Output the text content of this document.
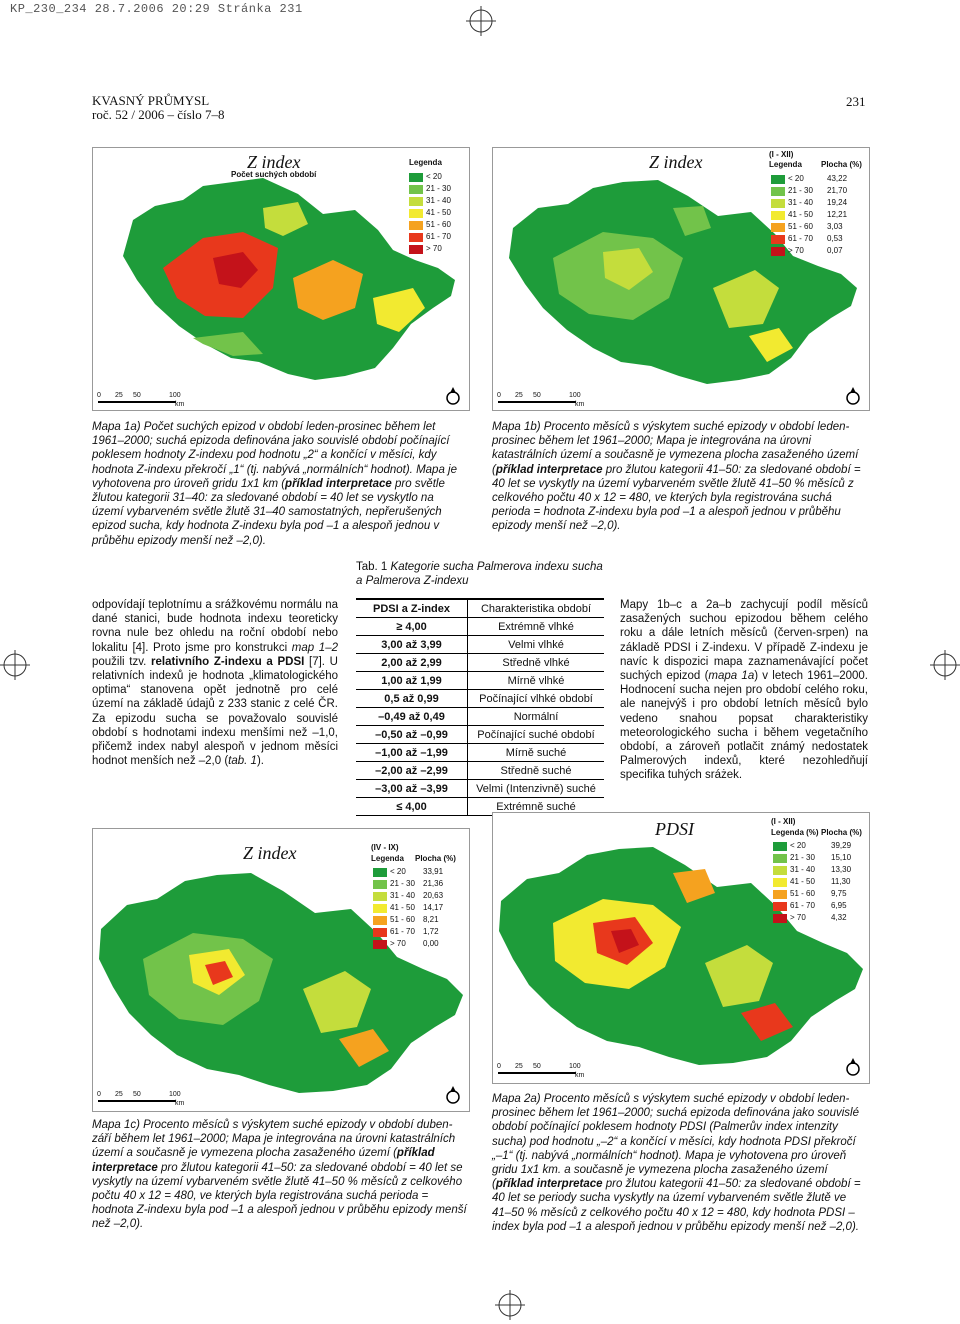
KP_230_234 28.7.2006 20:29 Stránka 231
KVASNÝ PRŮMYSL
roč. 52 / 2006 – číslo 7–8
231
Z index
Počet suchých období
Legenda
< 20
21 - 30
31 - 40
41 - 50
51 - 60
61 - 70
> 70
0 25 50	100
km
Z index	(I - XII)
Legenda Plocha (%)
< 20	43,22
21 - 30 21,70
31 - 40 19,24
41 - 50 12,21
51 - 60 3,03
61 - 70 0,53
> 70	0,07
0 25 50	100
km
Mapa 1a) Počet suchých epizod v období leden-prosinec během let 1961–2000; suchá epizoda definována jako souvislé období počínající poklesem hodnoty Z-indexu pod hodnotu „2“ a končící v měsíci, kdy hodnota Z-indexu překročí „1“ (tj. nabývá „normálních“ hodnot). Mapa je vyhotovena pro úroveň gridu 1x1 km (příklad interpretace pro světle žlutou kategorii 31–40: za sledované období = 40 let se vyskytlo na území vybarveném světle žlutě 31–40 samostatných, nepřerušených epizod sucha, kdy hodnota Z-indexu byla pod –1 a alespoň jednou v průběhu epizody menší než –2,0).
Mapa 1b) Procento měsíců s výskytem suché epizody v období leden-prosinec během let 1961–2000; Mapa je integrována na úrovni katastrálních území a současně je vymezena plocha zasaženého území (příklad interpretace pro žlutou kategorii 41–50: za sledované období = 40 let se vyskytly na území vybarveném světle žlutě 41–50 % měsíců z celkového počtu 40 x 12 = 480, ve kterých byla registrována suchá perioda = hodnota Z-indexu byla pod –1 a alespoň jednou v průběhu epizody menší než –2,0).
odpovídají teplotnímu a srážkovému normálu na dané stanici, bude hodnota indexu teoreticky rovna nule bez ohledu na roční období nebo lokalitu [4]. Proto jsme pro konstrukci map 1–2 použili tzv. relativního Z-indexu a PDSI [7]. U relativních indexů je hodnota „klimatologického optima“ stanovena opět jednotně pro celé území na základě údajů z 233 stanic z celé ČR. Za epizodu sucha se považovalo souvislé období s hodnotami indexu menšími než –1,0, přičemž index nabyl alespoň v jednom měsíci hodnot menších než –2,0 (tab. 1).
Tab. 1 Kategorie sucha Palmerova indexu sucha a Palmerova Z-indexu
PDSI a Z-index	Charakteristika období
≥ 4,00	Extrémně vlhké
3,00 až 3,99	Velmi vlhké
2,00 až 2,99	Středně vlhké
1,00 až 1,99	Mírně vlhké
0,5 až 0,99	Počínající vlhké období
–0,49 až 0,49	Normální
–0,50 až –0,99	Počínající suché období
–1,00 až –1,99	Mírně suché
–2,00 až –2,99	Středně suché
–3,00 až –3,99	Velmi (Intenzivně) suché
≤ 4,00	Extrémně suché
Mapy 1b–c a 2a–b zachycují podíl měsíců zasažených suchou epizodou během celého roku a dále letních měsíců (červen-srpen) na základě PDSI i Z-indexu. V případě Z-indexu je navíc k dispozici mapa zaznamenávající počet suchých epizod (mapa 1a) v letech 1961–2000. Hodnocení sucha nejen pro období celého roku, ale nanejvýš i pro období letních měsíců bylo vedeno snahou popsat charakteristiky meteorologického sucha i během vegetačního období, a zároveň potlačit známý nedostatek Palmerových indexů, které nezohledňují specifika tuhých sráżek.
Z index	(IV - IX)
Legenda Plocha (%)
< 20 33,91
21 - 30 21,36
31 - 40 20,63
41 - 50 14,17
51 - 60 8,21
61 - 70 1,72
> 70 0,00
0 25 50	100
km
PDSI	(I - XII)
Legenda (%) Plocha (%)
< 20	39,29
21 - 30 15,10
31 - 40 13,30
41 - 50 11,30
51 - 60 9,75
61 - 70 6,95
> 70	4,32
0 25 50	100
km
Mapa 2a) Procento měsíců s výskytem suché epizody v období leden-prosinec během let 1961–2000; suchá epizoda definována jako souvislé období počínající poklesem hodnoty PDSI (Palmerův index intenzity sucha) pod hodnotu „–2“ a končící v měsíci, kdy hodnota PDSI překročí „–1“ (tj. nabývá „normálních“ hodnot). Mapa je vyhotovena pro úroveň gridu 1x1 km. a současně je vymezena plocha zasaženého území (příklad interpretace pro žlutou kategorii 41–50: za sledované období = 40 let se periody sucha vyskytly na území vybarveném světle žlutě ve 41–50 % měsíců z celkového počtu 40 x 12 = 480, kdy hodnota PDSI – index byla pod –1 a alespoň jednou v průběhu epizody menší než –2,0).
Mapa 1c) Procento měsíců s výskytem suché epizody v období duben-září během let 1961–2000; Mapa je integrována na úrovni katastrálních území a současně je vymezena plocha zasaženého území (příklad interpretace pro žlutou kategorii 41–50: za sledované období = 40 let se vyskytly na území vybarveném světle žlutě 41–50 % měsíců z celkového počtu 40 x 12 = 480, ve kterých byla registrována suchá perioda = hodnota Z-indexu byla pod –1 a alespoň jednou v průběhu epizody menší než –2,0).
